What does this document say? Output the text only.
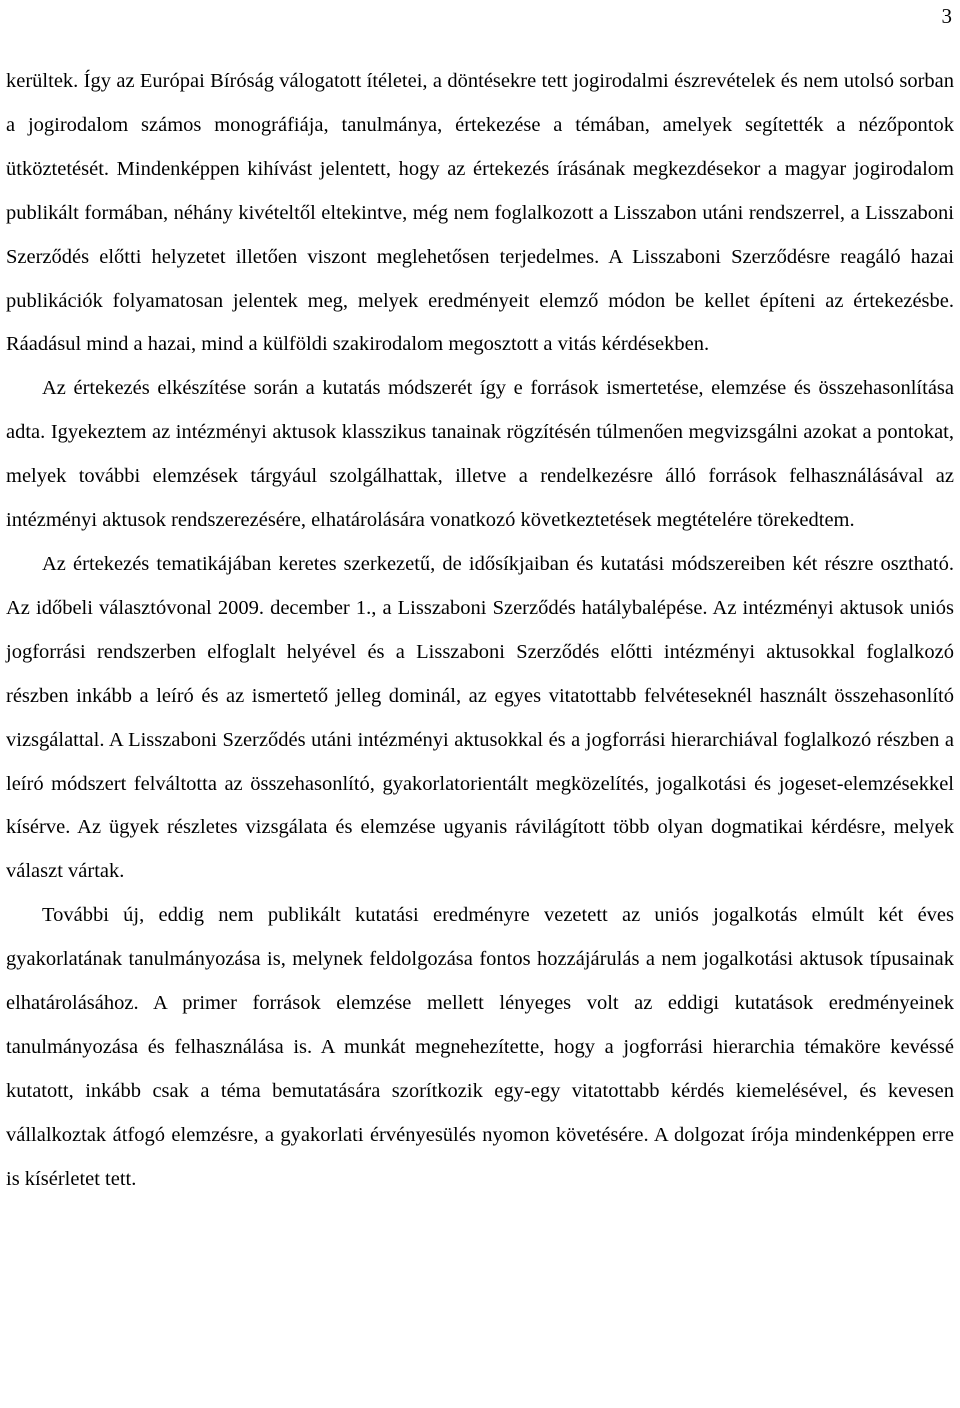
3

kerültek. Így az Európai Bíróság válogatott ítéletei, a döntésekre tett jogirodalmi észrevételek és nem utolsó sorban a jogirodalom számos monográfiája, tanulmánya, értekezése a témában, amelyek segítették a nézőpontok ütköztetését. Mindenképpen kihívást jelentett, hogy az értekezés írásának megkezdésekor a magyar jogirodalom publikált formában, néhány kivételtől eltekintve, még nem foglalkozott a Lisszabon utáni rendszerrel, a Lisszaboni Szerződés előtti helyzetet illetően viszont meglehetősen terjedelmes. A Lisszaboni Szerződésre reagáló hazai publikációk folyamatosan jelentek meg, melyek eredményeit elemző módon be kellet építeni az értekezésbe. Ráadásul mind a hazai, mind a külföldi szakirodalom megosztott a vitás kérdésekben.

Az értekezés elkészítése során a kutatás módszerét így e források ismertetése, elemzése és összehasonlítása adta. Igyekeztem az intézményi aktusok klasszikus tanainak rögzítésén túlmenően megvizsgálni azokat a pontokat, melyek további elemzések tárgyául szolgálhattak, illetve a rendelkezésre álló források felhasználásával az intézményi aktusok rendszerezésére, elhatárolására vonatkozó következtetések megtételére törekedtem.

Az értekezés tematikájában keretes szerkezetű, de idősíkjaiban és kutatási módszereiben két részre osztható. Az időbeli választóvonal 2009. december 1., a Lisszaboni Szerződés hatálybalépése. Az intézményi aktusok uniós jogforrási rendszerben elfoglalt helyével és a Lisszaboni Szerződés előtti intézményi aktusokkal foglalkozó részben inkább a leíró és az ismertető jelleg dominál, az egyes vitatottabb felvéteseknél használt összehasonlító vizsgálattal. A Lisszaboni Szerződés utáni intézményi aktusokkal és a jogforrási hierarchiával foglalkozó részben a leíró módszert felváltotta az összehasonlító, gyakorlatorientált megközelítés, jogalkotási és jogeset-elemzésekkel kísérve. Az ügyek részletes vizsgálata és elemzése ugyanis rávilágított több olyan dogmatikai kérdésre, melyek választ vártak.

További új, eddig nem publikált kutatási eredményre vezetett az uniós jogalkotás elmúlt két éves gyakorlatának tanulmányozása is, melynek feldolgozása fontos hozzájárulás a nem jogalkotási aktusok típusainak elhatárolásához. A primer források elemzése mellett lényeges volt az eddigi kutatások eredményeinek tanulmányozása és felhasználása is. A munkát megnehezítette, hogy a jogforrási hierarchia témaköre kevéssé kutatott, inkább csak a téma bemutatására szorítkozik egy-egy vitatottabb kérdés kiemelésével, és kevesen vállalkoztak átfogó elemzésre, a gyakorlati érvényesülés nyomon követésére. A dolgozat írója mindenképpen erre is kísérletet tett.
